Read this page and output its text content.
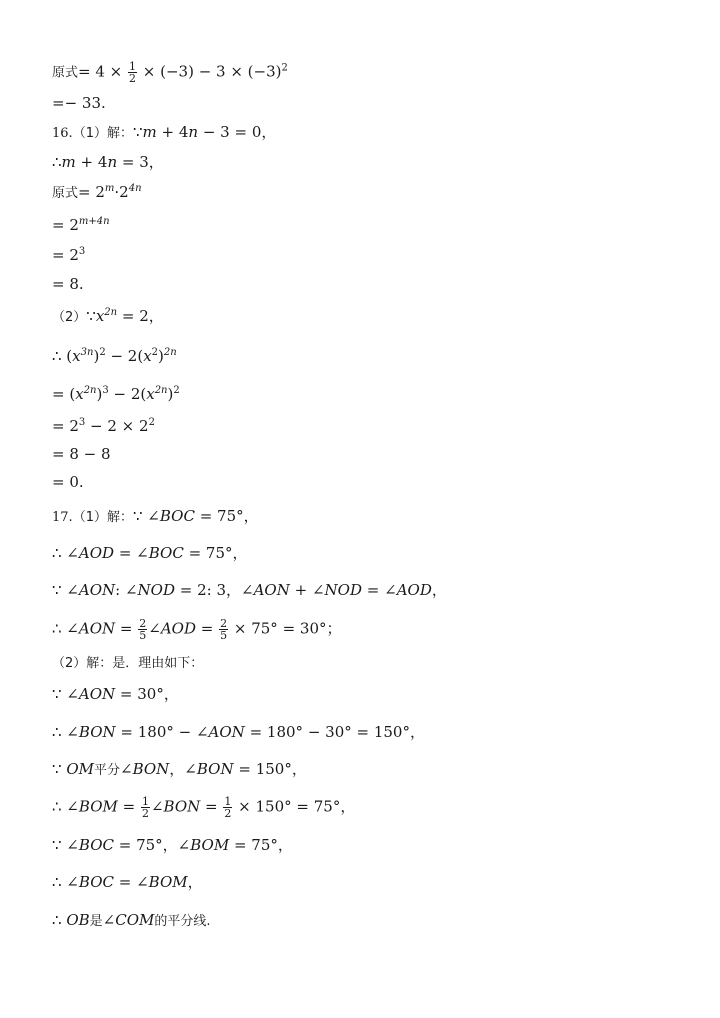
原式= $4 \times \frac{1}{2} \times (-3) - 3 \times (-3)^2$
=− 33.
16.（1）解：∵m + 4n − 3 = 0，
∴m + 4n = 3，
原式= $2^m\cdot 2^{4n}$
= $2^{m+4n}$
= $2^3$
= 8.
$(2)\because x^{2n} = 2$，
∴ $(x^{3n})^2 - 2(x^2)^{2n}$
= $(x^{2n})^3 - 2(x^{2n})^2$
= $2^3 - 2 \times 2^2$
= 8 − 8
= 0.
17.（1）解：∵ ∠BOC = 75°，
∴ ∠AOD = ∠BOC = 75°，
∵ ∠AON: ∠NOD = 2: 3，∠AON + ∠NOD = ∠AOD，
∴ ∠AON = $\frac{2}{5}$ ∠AOD = $\frac{2}{5} \times 75^\circ = 30^\circ$；
（2）解：是．理由如下：
∵ ∠AON = 30°，
∴ ∠BON = 180° − ∠AON = 180° − 30° = 150°，
∵ OM平分∠BON，∠BON = 150°，
∴ ∠BOM = $\frac{1}{2}$ ∠BON = $\frac{1}{2} \times 150^\circ = 75^\circ$，
∵ ∠BOC = 75°，∠BOM = 75°，
∴ ∠BOC = ∠BOM，
∴ OB是∠COM的平分线.
